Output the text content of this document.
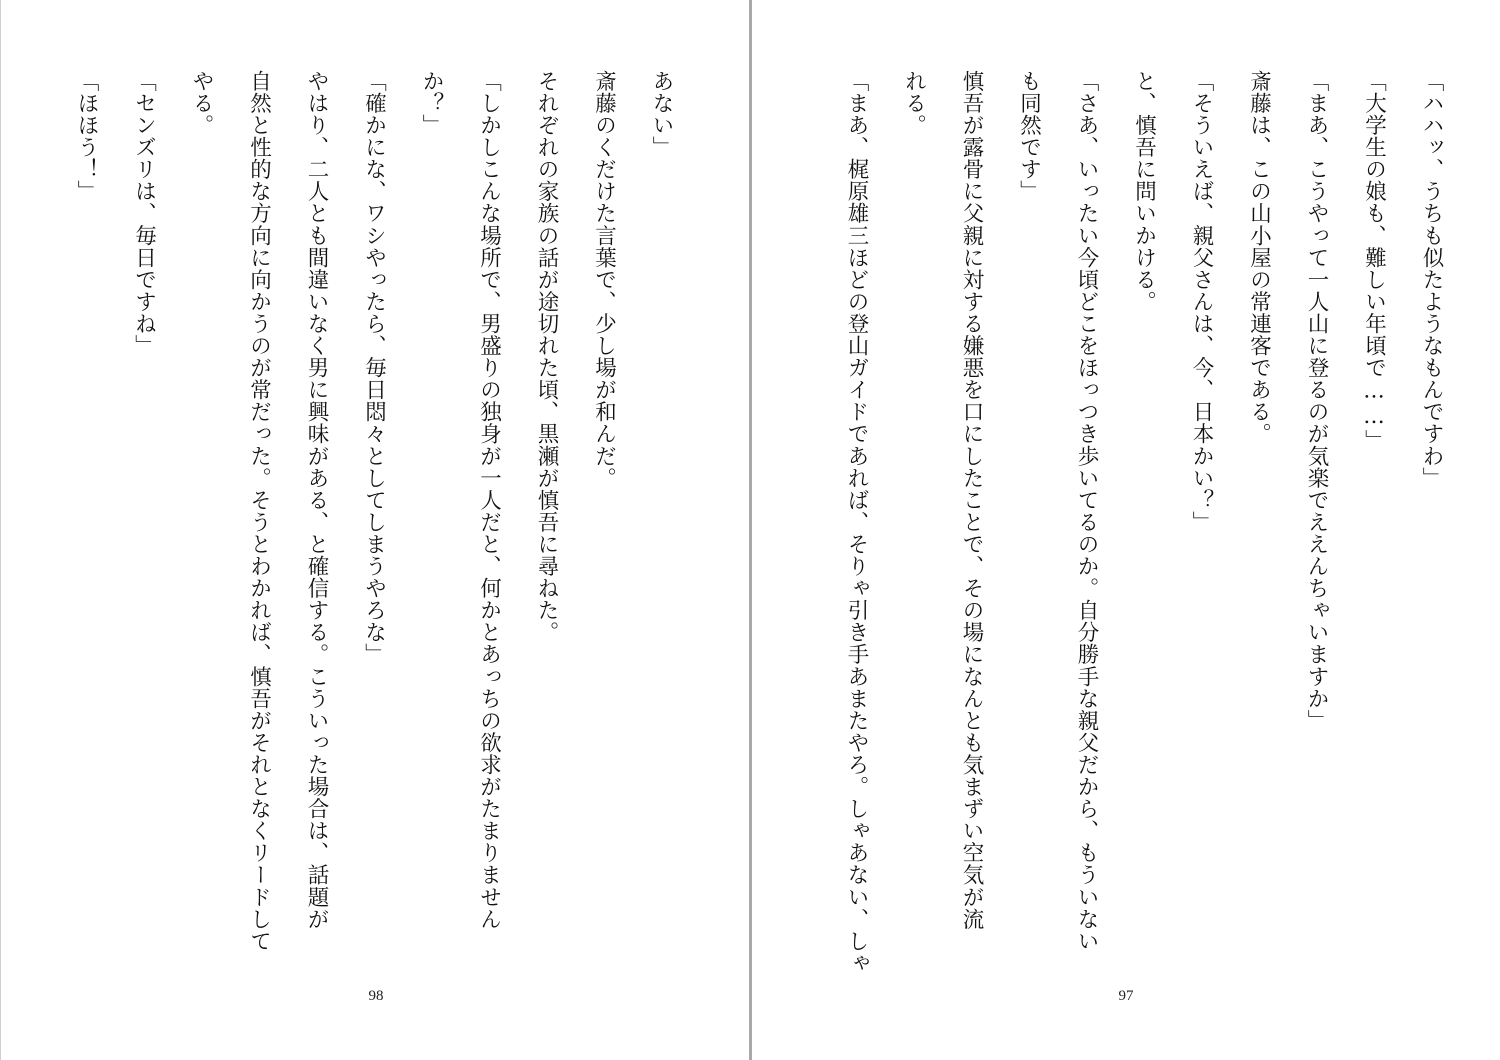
あない」
斎藤のくだけた言葉で、少し場が和んだ。
それぞれの家族の話が途切れた頃、黒瀬が慎吾に尋ねた。
「しかしこんな場所で、男盛りの独身が一人だと、何かとあっちの欲求がたまりません
か？」
「確かにな、ワシやったら、毎日悶々としてしまうやろな」
やはり、二人とも間違いなく男に興味がある、と確信する。こういった場合は、話題が
自然と性的な方向に向かうのが常だった。そうとわかれば、慎吾がそれとなくリードして
やる。
「センズリは、毎日ですね」
「ほほう！」
98
「ハハッ、うちも似たようなもんですわ」
「大学生の娘も、難しい年頃で……」
「まあ、こうやって一人山に登るのが気楽でええんちゃいますか」
斎藤は、この山小屋の常連客である。
「そういえば、親父さんは、今、日本かい？」
と、慎吾に問いかける。
「さあ、いったい今頃どこをほっつき歩いてるのか。自分勝手な親父だから、もういない
も同然です」
慎吾が露骨に父親に対する嫌悪を口にしたことで、その場になんとも気まずい空気が流
れる。
「まあ、梶原雄三ほどの登山ガイドであれば、そりゃ引き手あまたやろ。しゃあない、しゃ
97
